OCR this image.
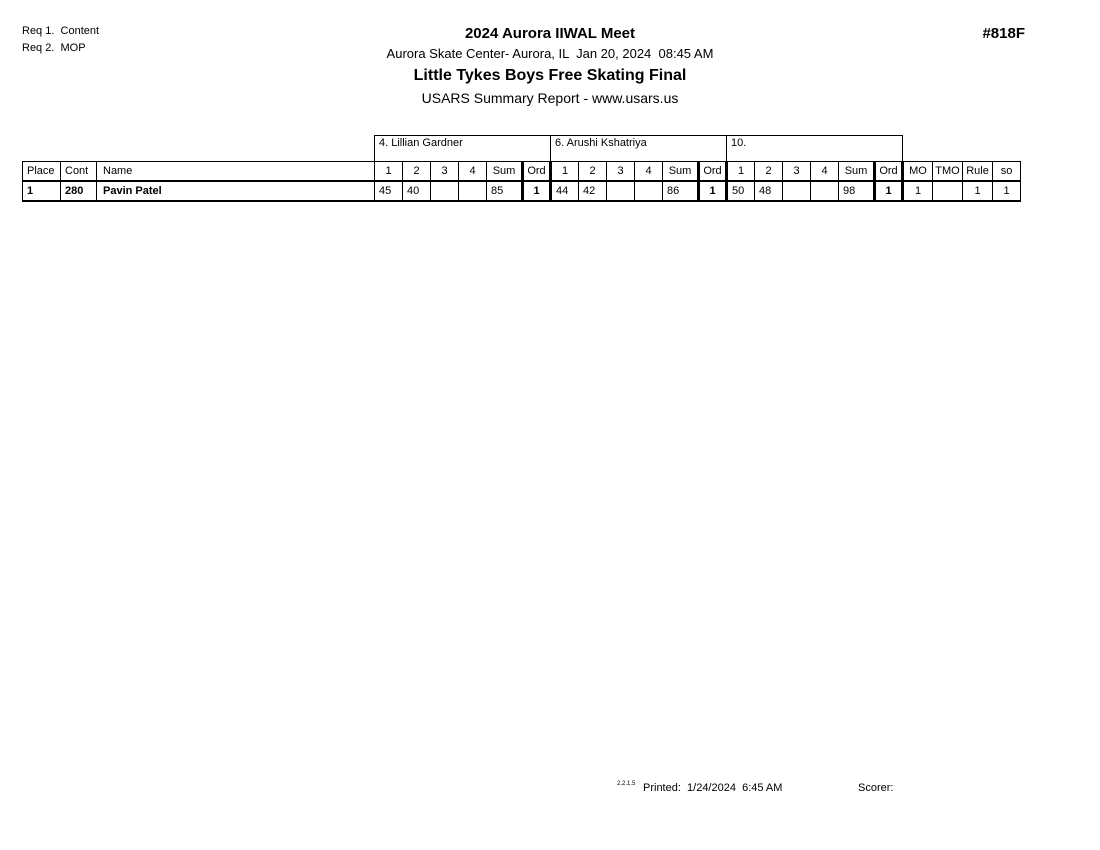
Req 1.  Content
Req 2.  MOP
2024 Aurora IIWAL Meet
Aurora Skate Center- Aurora, IL  Jan 20, 2024  08:45 AM
Little Tykes Boys Free Skating Final
USARS Summary Report - www.usars.us
#818F
			4. Lillian Gardner						6. Arushi Kshatriya						10.									
Place	Cont	Name	1	2	3	4	Sum	Ord	1	2	3	4	Sum	Ord	1	2	3	4	Sum	Ord	MO	TMO	Rule	so
1	280	Pavin Patel	45	40			85	1	44	42			86	1	50	48			98	1	1		1	1
2.2.1.5 Printed:  1/24/2024  6:45 AM	Scorer:
